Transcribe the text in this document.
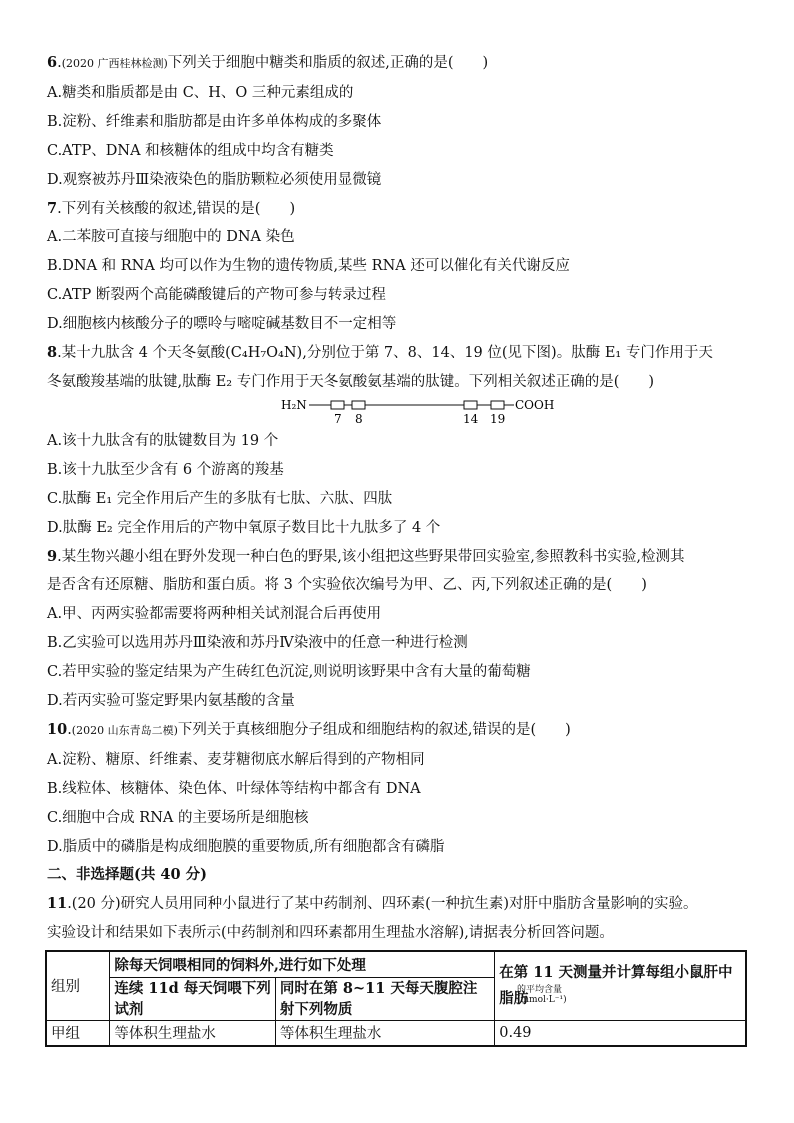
6.(2020 广西桂林检测)下列关于细胞中糖类和脂质的叙述,正确的是(　　)
A.糖类和脂质都是由 C、H、O 三种元素组成的
B.淀粉、纤维素和脂肪都是由许多单体构成的多聚体
C.ATP、DNA 和核糖体的组成中均含有糖类
D.观察被苏丹Ⅲ染液染色的脂肪颗粒必须使用显微镜
7.下列有关核酸的叙述,错误的是(　　)
A.二苯胺可直接与细胞中的 DNA 染色
B.DNA 和 RNA 均可以作为生物的遗传物质,某些 RNA 还可以催化有关代谢反应
C.ATP 断裂两个高能磷酸键后的产物可参与转录过程
D.细胞核内核酸分子的嘌呤与嘧啶碱基数目不一定相等
8.某十九肽含 4 个天冬氨酸(C₄H₇O₄N),分别位于第 7、8、14、19 位(见下图)。肽酶 E₁ 专门作用于天
冬氨酸羧基端的肽键,肽酶 E₂ 专门作用于天冬氨酸氨基端的肽键。下列相关叙述正确的是(　　)
H₂N	COOH
7 8	14 19
A.该十九肽含有的肽键数目为 19 个
B.该十九肽至少含有 6 个游离的羧基
C.肽酶 E₁ 完全作用后产生的多肽有七肽、六肽、四肽
D.肽酶 E₂ 完全作用后的产物中氧原子数目比十九肽多了 4 个
9.某生物兴趣小组在野外发现一种白色的野果,该小组把这些野果带回实验室,参照教科书实验,检测其
是否含有还原糖、脂肪和蛋白质。将 3 个实验依次编号为甲、乙、丙,下列叙述正确的是(　　)
A.甲、丙两实验都需要将两种相关试剂混合后再使用
B.乙实验可以选用苏丹Ⅲ染液和苏丹Ⅳ染液中的任意一种进行检测
C.若甲实验的鉴定结果为产生砖红色沉淀,则说明该野果中含有大量的葡萄糖
D.若丙实验可鉴定野果内氨基酸的含量
10.(2020 山东青岛二模)下列关于真核细胞分子组成和细胞结构的叙述,错误的是(　　)
A.淀粉、糖原、纤维素、麦芽糖彻底水解后得到的产物相同
B.线粒体、核糖体、染色体、叶绿体等结构中都含有 DNA
C.细胞中合成 RNA 的主要场所是细胞核
D.脂质中的磷脂是构成细胞膜的重要物质,所有细胞都含有磷脂
二、非选择题(共 40 分)
11.(20 分)研究人员用同种小鼠进行了某中药制剂、四环素(一种抗生素)对肝中脂肪含量影响的实验。
实验设计和结果如下表所示(中药制剂和四环素都用生理盐水溶解),请据表分析回答问题。
组别	除每天饲喂相同的饲料外,进行如下处理		在第 11 天测量并计算每组小鼠肝中脂肪

	连续 11d 每天饲喂下列试剂	同时在第 8~11 天每天腹腔注射下列物质	
甲组	等体积生理盐水	等体积生理盐水	0.49
的平均含量
(mmol·L⁻¹)
